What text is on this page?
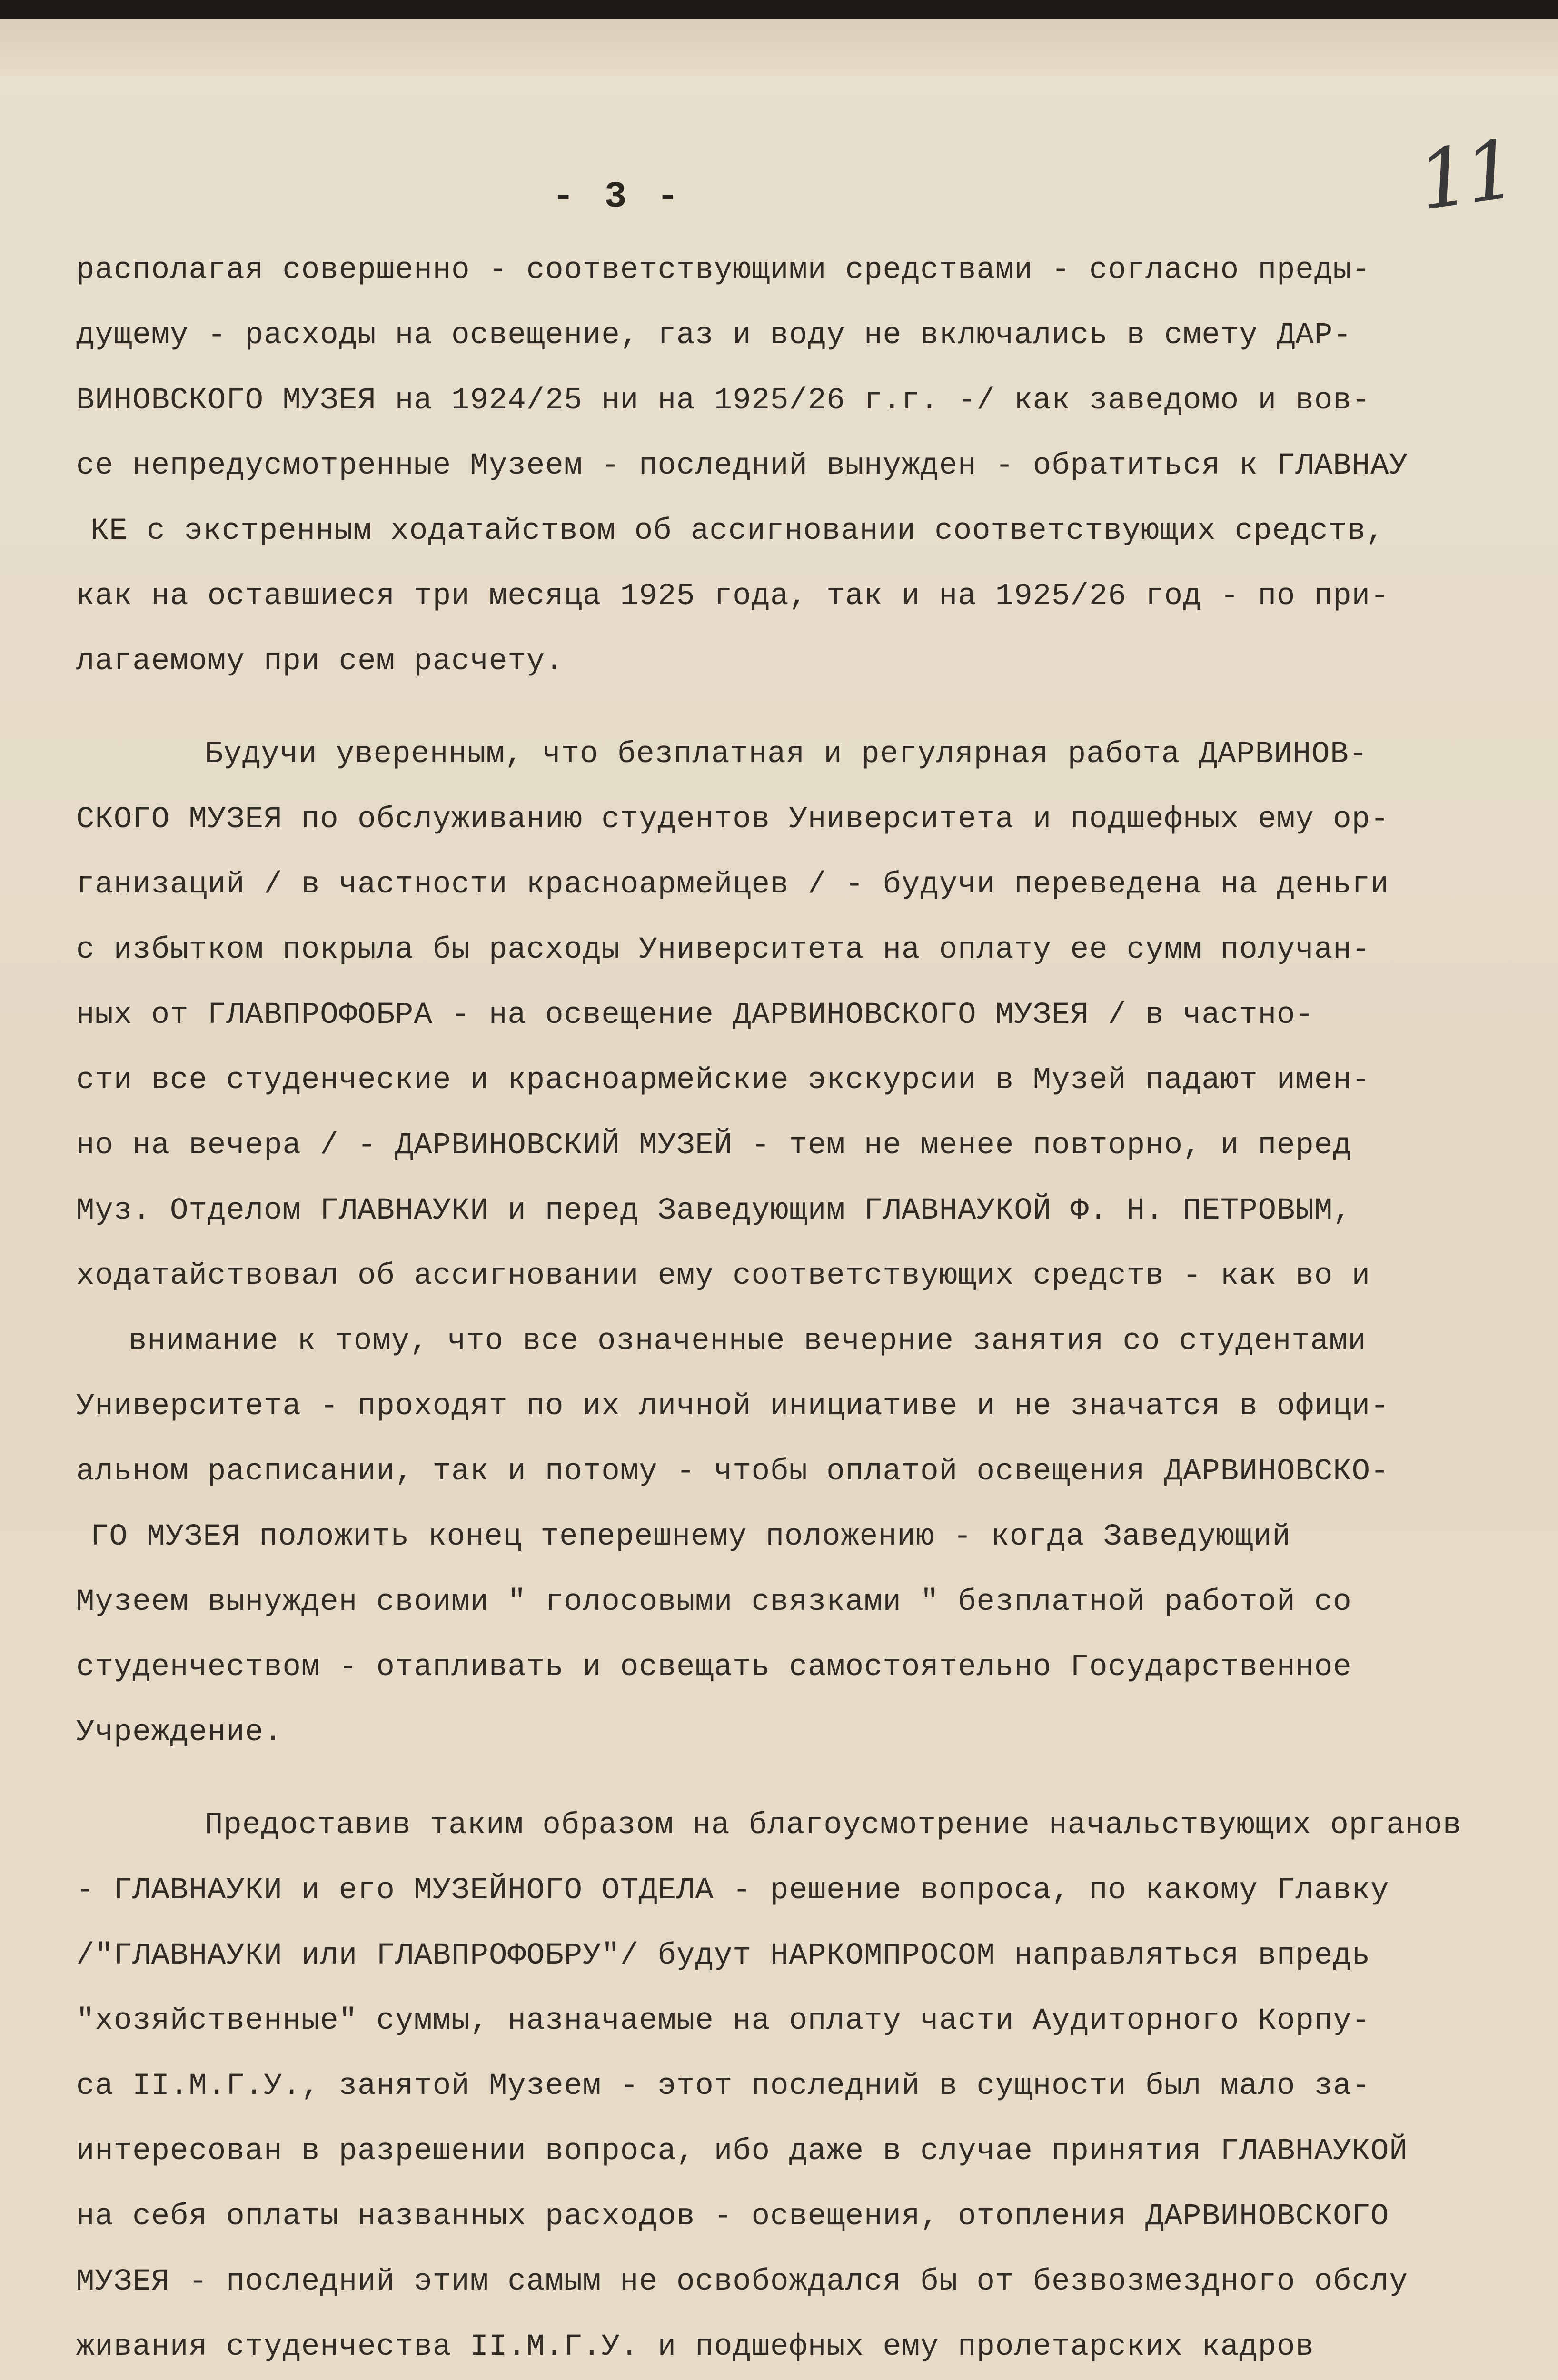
11
- 3 -
располагая совершенно - соответствующими средствами - согласно преды-
дущему - расходы на освещение, газ и воду не включались в смету ДАР-
ВИНОВСКОГО МУЗЕЯ на 1924/25 ни на 1925/26 г.г. -/ как заведомо и вов-
се непредусмотренные Музеем - последний вынужден - обратиться к ГЛАВНАУ
КЕ с экстренным ходатайством об ассигновании соответствующих средств,
как на оставшиеся три месяца 1925 года, так и на 1925/26 год - по при-
лагаемому при сем расчету.
Будучи уверенным, что безплатная и регулярная работа ДАРВИНОВ-
СКОГО МУЗЕЯ по обслуживанию студентов Университета и подшефных ему ор-
ганизаций / в частности красноармейцев / - будучи переведена на деньги
с избытком покрыла бы расходы Университета на оплату ее сумм получан-
ных от ГЛАВПРОФОБРА - на освещение ДАРВИНОВСКОГО МУЗЕЯ / в частно-
сти все студенческие и красноармейские экскурсии в Музей падают имен-
но на вечера / - ДАРВИНОВСКИЙ МУЗЕЙ - тем не менее повторно, и перед
Муз. Отделом ГЛАВНАУКИ и перед Заведующим ГЛАВНАУКОЙ Ф. Н. ПЕТРОВЫМ,
ходатайствовал об ассигновании ему соответствующих средств - как во и
внимание к тому, что все означенные вечерние занятия со студентами
Университета - проходят по их личной инициативе и не значатся в офици-
альном расписании, так и потому - чтобы оплатой освещения ДАРВИНОВСКО-
ГО МУЗЕЯ положить конец теперешнему положению - когда Заведующий
Музеем вынужден своими " голосовыми связками " безплатной работой со
студенчеством - отапливать и освещать самостоятельно Государственное
Учреждение.
Предоставив таким образом на благоусмотрение начальствующих органов
- ГЛАВНАУКИ и его МУЗЕЙНОГО ОТДЕЛА - решение вопроса, по какому Главку
/"ГЛАВНАУКИ или ГЛАВПРОФОБРУ"/ будут НАРКОМПРОСОМ направляться впредь
"хозяйственные" суммы, назначаемые на оплату части Аудиторного Корпу-
са II.М.Г.У., занятой Музеем - этот последний в сущности был мало за-
интересован в разрешении вопроса, ибо даже в случае принятия ГЛАВНАУКОЙ
на себя оплаты названных расходов - освещения, отопления ДАРВИНОВСКОГО
МУЗЕЯ - последний этим самым не освобождался бы от безвозмездного обслу
живания студенчества II.М.Г.У. и подшефных ему пролетарских кадров
